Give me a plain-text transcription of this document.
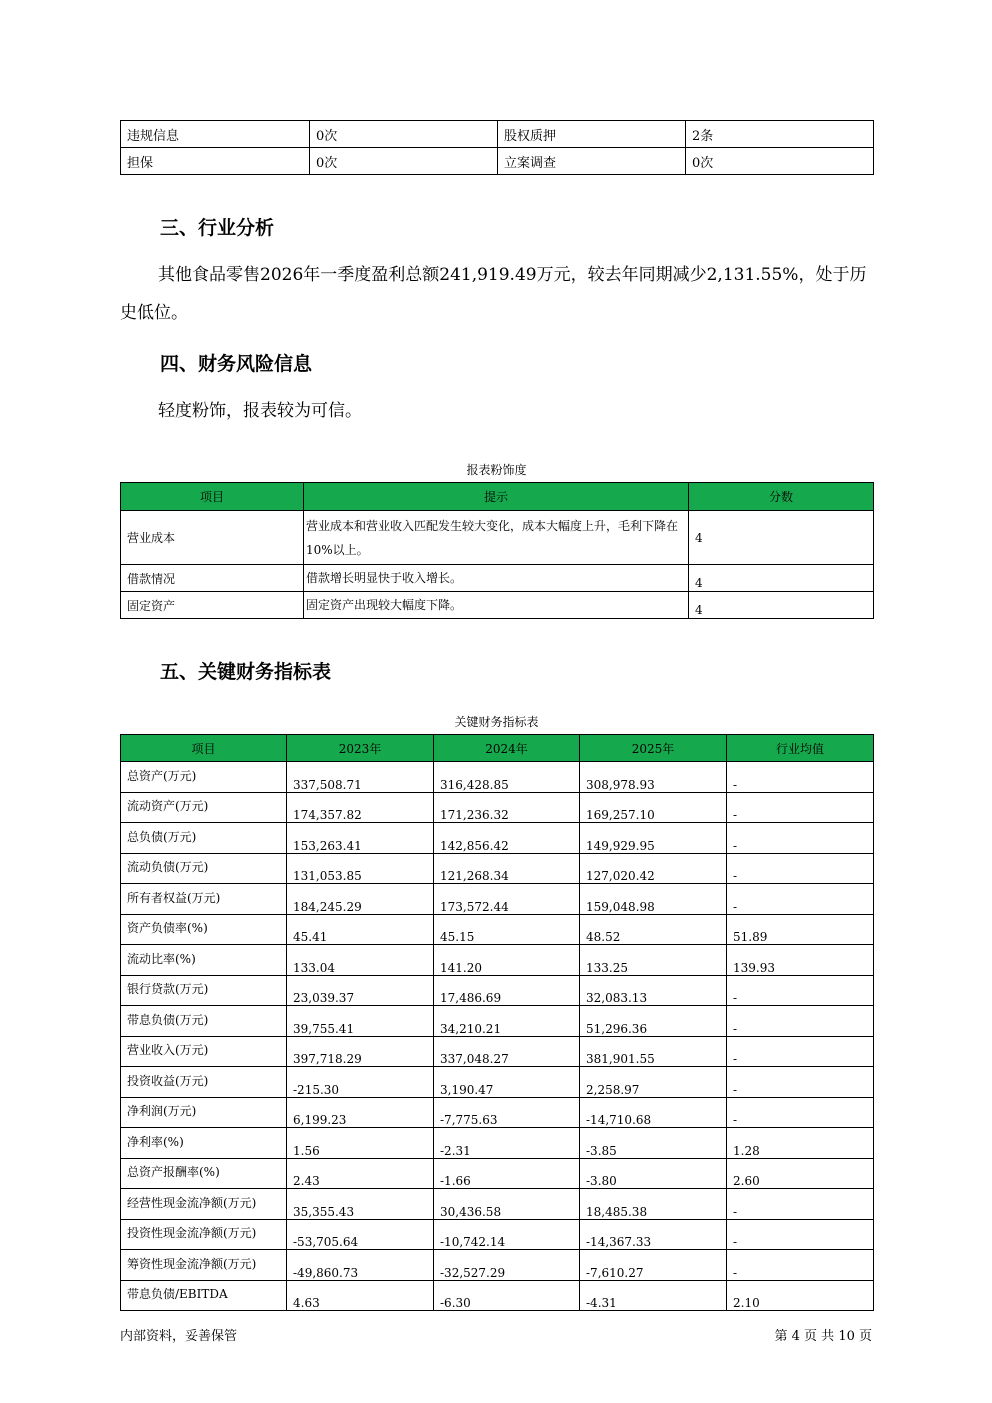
违规信息	0次	股权质押	2条
担保	0次	立案调查	0次
三、行业分析
其他食品零售2026年一季度盈利总额241,919.49万元，较去年同期减少2,131.55%，处于历史低位。
四、财务风险信息
轻度粉饰，报表较为可信。
报表粉饰度
项目	提示	分数
营业成本	营业成本和营业收入匹配发生较大变化，成本大幅度上升，毛利下降在10%以上。	4
借款情况	借款增长明显快于收入增长。	4
固定资产	固定资产出现较大幅度下降。	4
五、关键财务指标表
关键财务指标表
项目	2023年	2024年	2025年	行业均值
总资产(万元)	337,508.71	316,428.85	308,978.93	-
流动资产(万元)	174,357.82	171,236.32	169,257.10	-
总负债(万元)	153,263.41	142,856.42	149,929.95	-
流动负债(万元)	131,053.85	121,268.34	127,020.42	-
所有者权益(万元)	184,245.29	173,572.44	159,048.98	-
资产负债率(%)	45.41	45.15	48.52	51.89
流动比率(%)	133.04	141.20	133.25	139.93
银行贷款(万元)	23,039.37	17,486.69	32,083.13	-
带息负债(万元)	39,755.41	34,210.21	51,296.36	-
营业收入(万元)	397,718.29	337,048.27	381,901.55	-
投资收益(万元)	-215.30	3,190.47	2,258.97	-
净利润(万元)	6,199.23	-7,775.63	-14,710.68	-
净利率(%)	1.56	-2.31	-3.85	1.28
总资产报酬率(%)	2.43	-1.66	-3.80	2.60
经营性现金流净额(万元)	35,355.43	30,436.58	18,485.38	-
投资性现金流净额(万元)	-53,705.64	-10,742.14	-14,367.33	-
筹资性现金流净额(万元)	-49,860.73	-32,527.29	-7,610.27	-
带息负债/EBITDA	4.63	-6.30	-4.31	2.10
内部资料，妥善保管	第 4 页 共 10 页
